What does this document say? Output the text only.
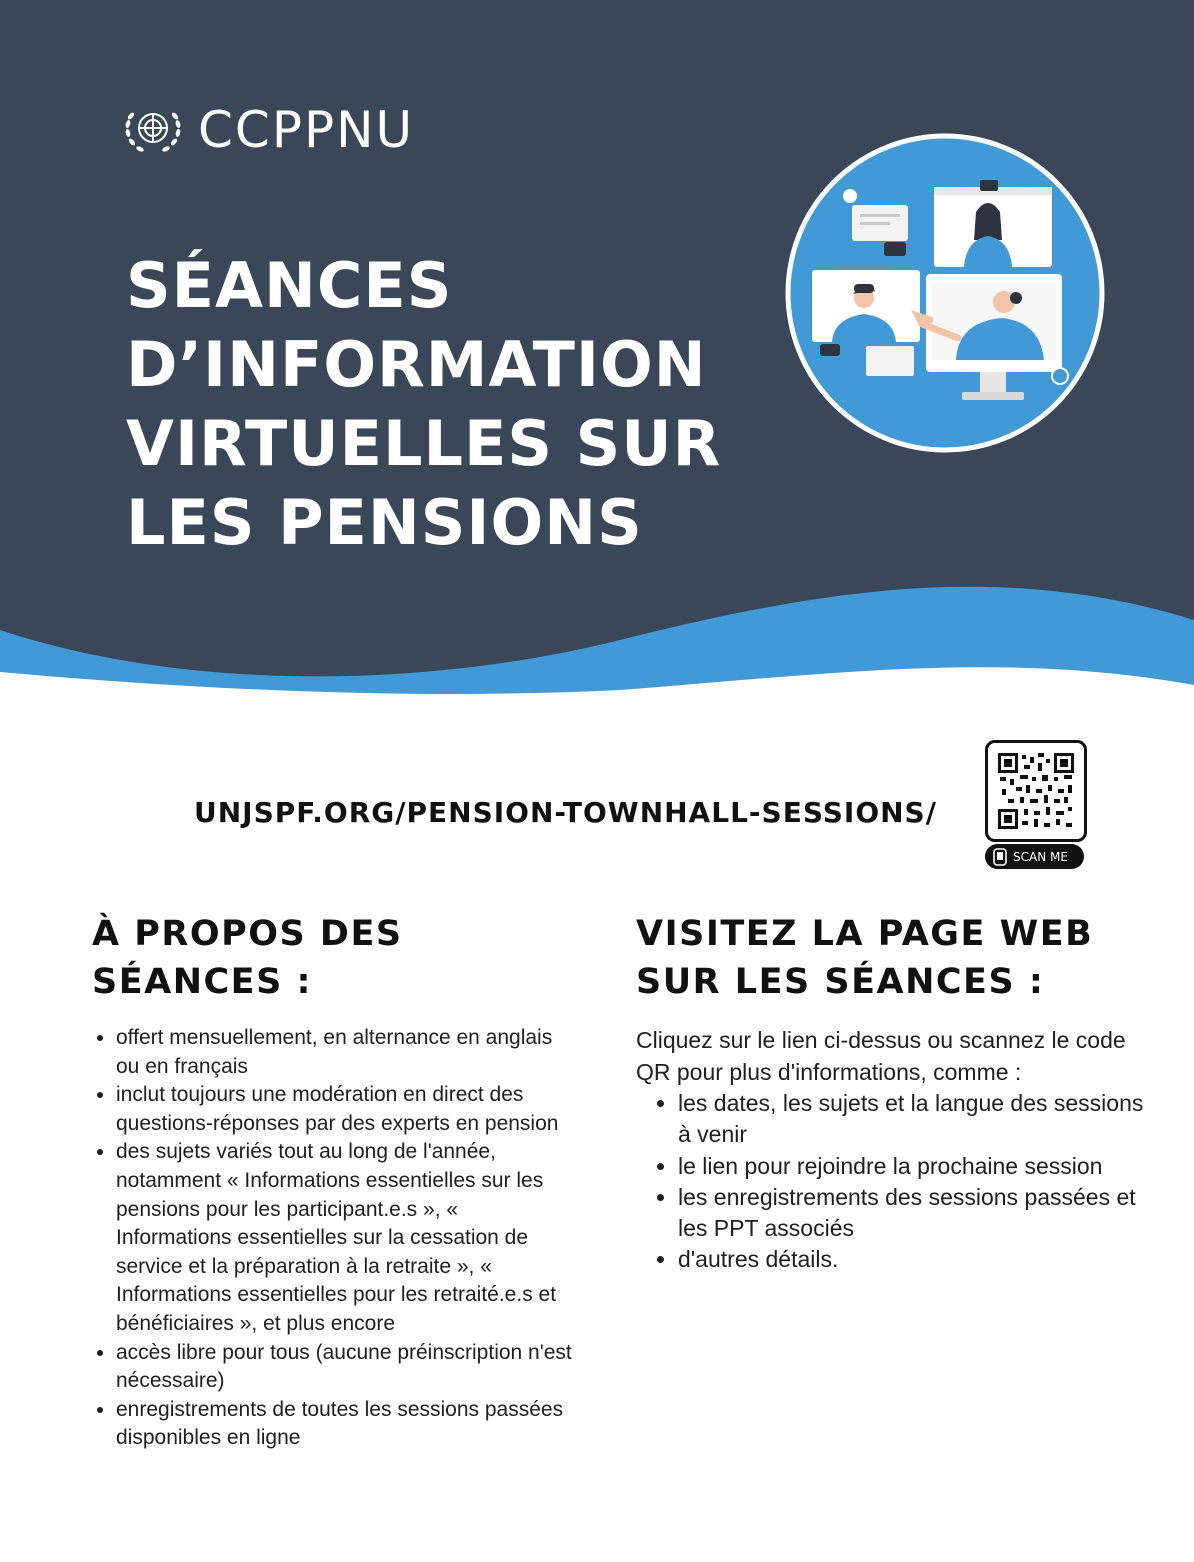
CCPPNU
SÉANCES D’INFORMATION VIRTUELLES SUR LES PENSIONS
UNJSPF.ORG/PENSION-TOWNHALL-SESSIONS/
SCAN ME
À PROPOS DES SÉANCES :
• offert mensuellement, en alternance en anglais ou en français
• inclut toujours une modération en direct des questions-réponses par des experts en pension
• des sujets variés tout au long de l'année, notamment « Informations essentielles sur les pensions pour les participant.e.s », « Informations essentielles sur la cessation de service et la préparation à la retraite », « Informations essentielles pour les retraité.e.s et bénéficiaires », et plus encore
• accès libre pour tous (aucune préinscription n'est nécessaire)
• enregistrements de toutes les sessions passées disponibles en ligne
VISITEZ LA PAGE WEB SUR LES SÉANCES :

Cliquez sur le lien ci-dessus ou scannez le code QR pour plus d'informations, comme :

• les dates, les sujets et la langue des sessions à venir
• le lien pour rejoindre la prochaine session
• les enregistrements des sessions passées et les PPT associés
• d'autres détails.
